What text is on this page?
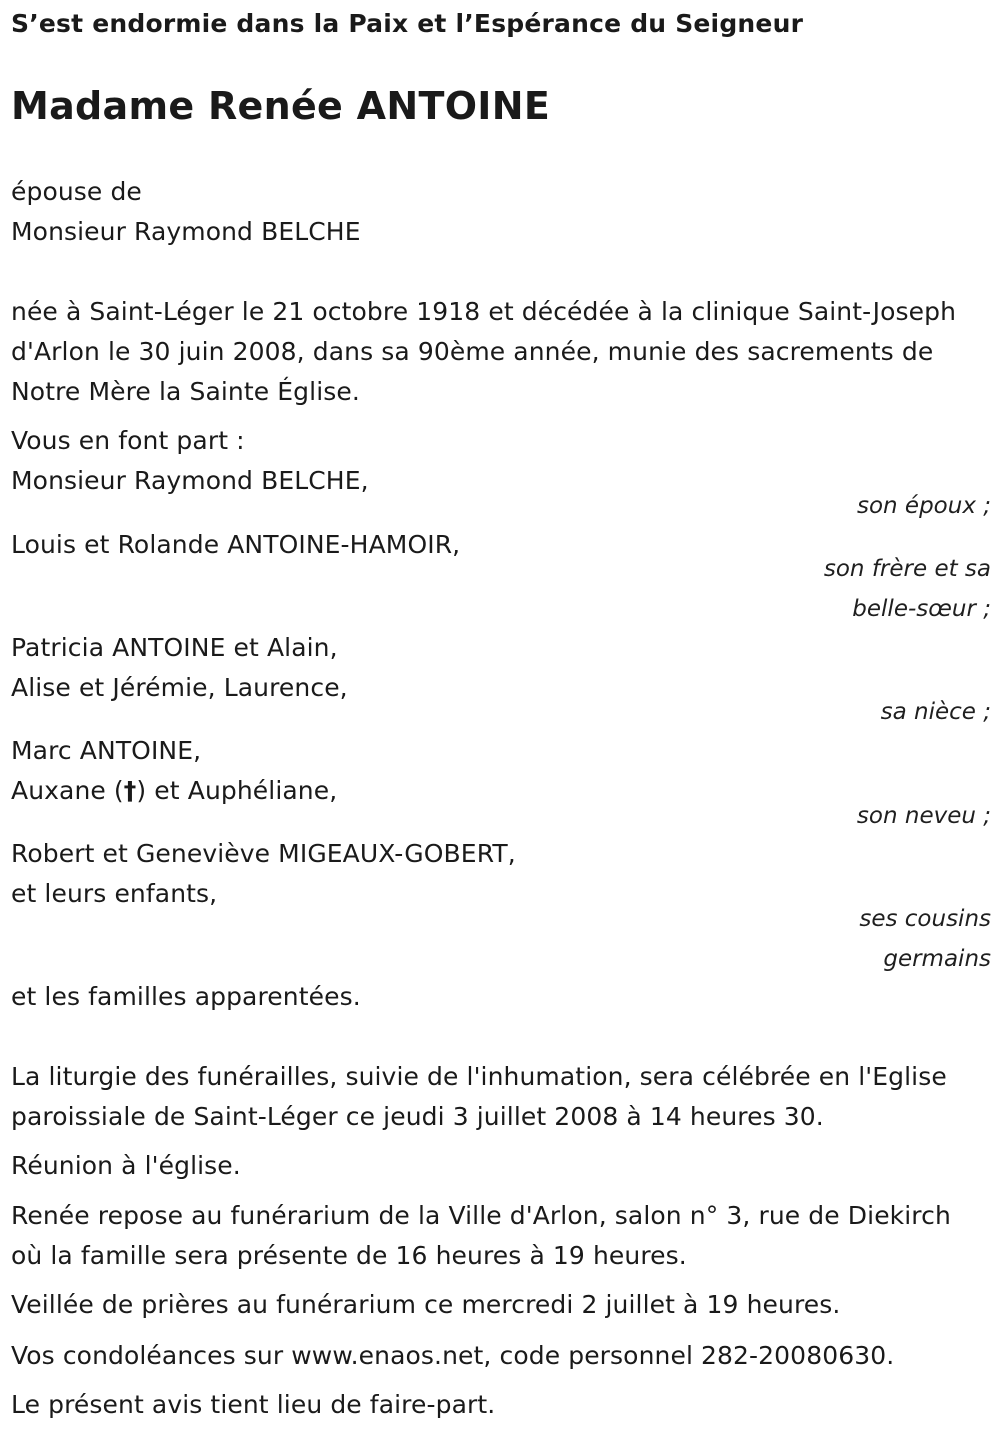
S’est endormie dans la Paix et l’Espérance du Seigneur
Madame Renée ANTOINE
épouse de
Monsieur Raymond BELCHE
née à Saint-Léger le 21 octobre 1918 et décédée à la clinique Saint-Joseph
d'Arlon le 30 juin 2008, dans sa 90ème année, munie des sacrements de
Notre Mère la Sainte Église.
Vous en font part :
Monsieur Raymond BELCHE,
son époux ;
Louis et Rolande ANTOINE-HAMOIR,
son frère et sa
belle-sœur ;
Patricia ANTOINE et Alain,
Alise et Jérémie, Laurence,
sa nièce ;
Marc ANTOINE,
Auxane (†) et Auphéliane,
son neveu ;
Robert et Geneviève MIGEAUX-GOBERT,
et leurs enfants,
ses cousins
germains
et les familles apparentées.
La liturgie des funérailles, suivie de l'inhumation, sera célébrée en l'Eglise
paroissiale de Saint-Léger ce jeudi 3 juillet 2008 à 14 heures 30.
Réunion à l'église.
Renée repose au funérarium de la Ville d'Arlon, salon n° 3, rue de Diekirch
où la famille sera présente de 16 heures à 19 heures.
Veillée de prières au funérarium ce mercredi 2 juillet à 19 heures.
Vos condoléances sur www.enaos.net, code personnel 282-20080630.
Le présent avis tient lieu de faire-part.
